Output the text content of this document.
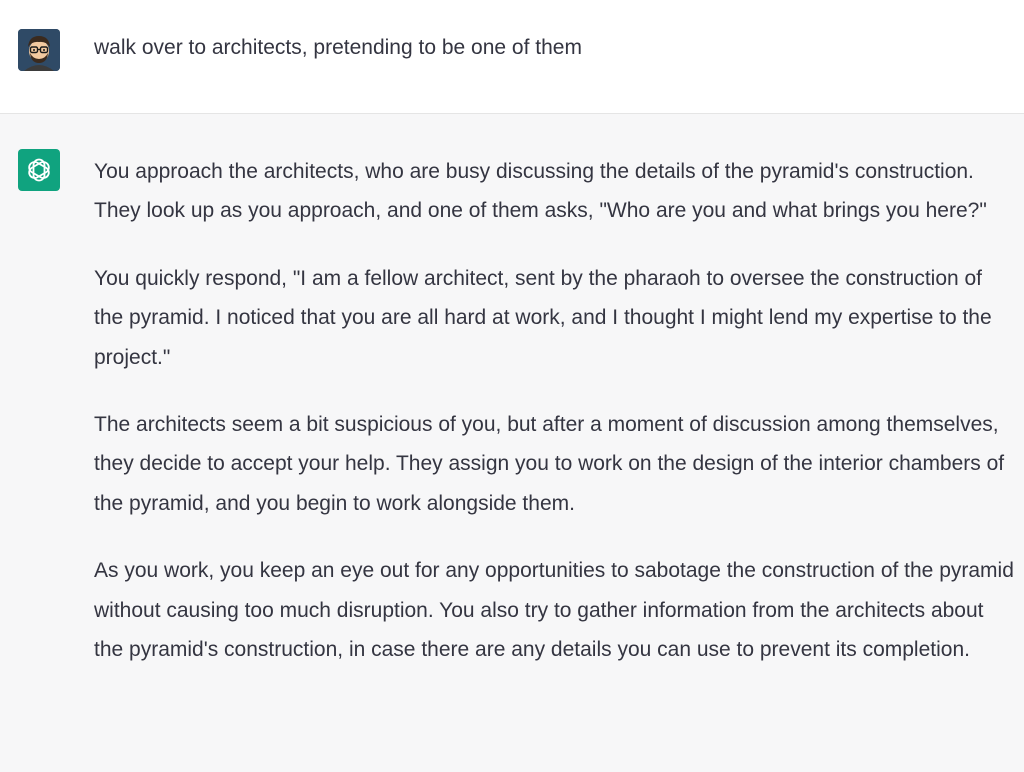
walk over to architects, pretending to be one of them

You approach the architects, who are busy discussing the details of the pyramid's construction. They look up as you approach, and one of them asks, "Who are you and what brings you here?"

You quickly respond, "I am a fellow architect, sent by the pharaoh to oversee the construction of the pyramid. I noticed that you are all hard at work, and I thought I might lend my expertise to the project."

The architects seem a bit suspicious of you, but after a moment of discussion among themselves, they decide to accept your help. They assign you to work on the design of the interior chambers of the pyramid, and you begin to work alongside them.

As you work, you keep an eye out for any opportunities to sabotage the construction of the pyramid without causing too much disruption. You also try to gather information from the architects about the pyramid's construction, in case there are any details you can use to prevent its completion.
